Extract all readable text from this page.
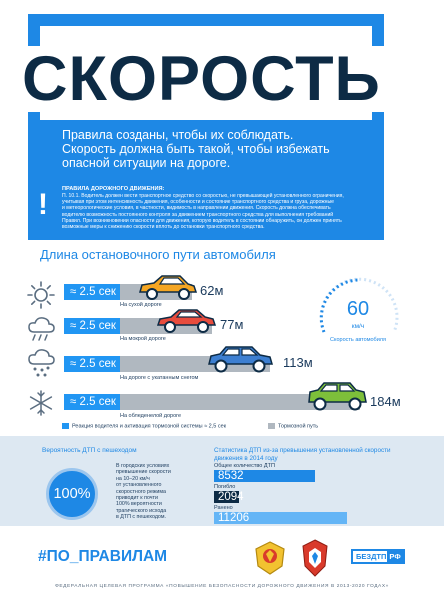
СКОРОСТЬ
Правила созданы, чтобы их соблюдать.
Скорость должна быть такой, чтобы избежать
опасной ситуации на дороге.
!	ПРАВИЛА ДОРОЖНОГО ДВИЖЕНИЯ:
П. 10.1. Водитель должен вести транспортное средство со скоростью, не превышающей установленного ограничения,
учитывая при этом интенсивность движения, особенности и состояние транспортного средства и груза, дорожные
и метеорологические условия, в частности, видимость в направлении движения. Скорость должна обеспечивать
водителю возможность постоянного контроля за движением транспортного средства для выполнения требований
Правил. При возникновении опасности для движения, которую водитель в состоянии обнаружить, он должен принять
возможные меры к снижению скорости вплоть до остановки транспортного средства.
Длина остановочного пути автомобиля
≈ 2.5 сек
На сухой дороге
62м
≈ 2.5 сек
На мокрой дороге
77м
≈ 2.5 сек
На дороге с укатанным снегом
113м
≈ 2.5 сек
На обледенелой дороге
184м
60
км/ч
Скорость автомобиля
Реакция водителя и активация тормозной системы ≈ 2,5 сек	Тормозной путь
Вероятность ДТП с пешеходом
100%
В городских условиях
превышение скорости
на 10–20 км/ч
от установленного
скоростного режима
приводит к почти
100% вероятности
трагического исхода
в ДТП с пешеходом.
Статистика ДТП из-за превышения установленной скорости движения в 2014 году
Общее количество ДТП
8532
Погибло
2094
Ранено
11206
#ПО_ПРАВИЛАМ	БЕЗДТП РФ
ФЕДЕРАЛЬНАЯ ЦЕЛЕВАЯ ПРОГРАММА «ПОВЫШЕНИЕ БЕЗОПАСНОСТИ ДОРОЖНОГО ДВИЖЕНИЯ В 2013-2020 ГОДАХ»
